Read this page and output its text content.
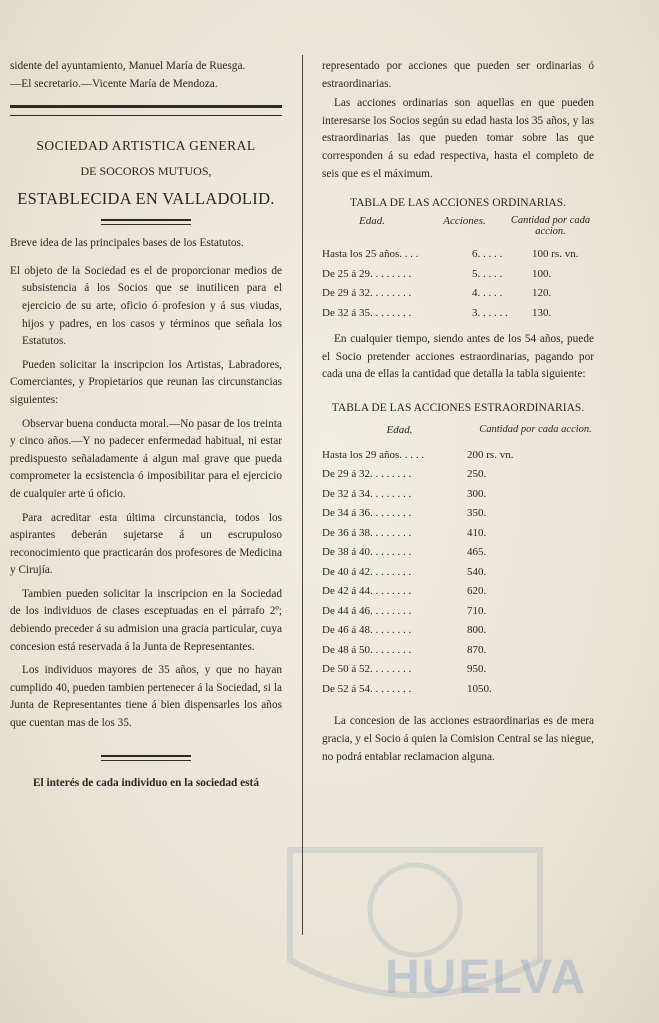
HUELVA

sidente del ayuntamiento, Manuel María de Ruesga.

—El secretario.—Vicente María de Mendoza.

SOCIEDAD ARTISTICA GENERAL
DE SOCOROS MUTUOS,
ESTABLECIDA EN VALLADOLID.

Breve idea de las principales bases de los Estatutos.

El objeto de la Sociedad es el de proporcionar medios de subsistencia á los Socios que se inutilicen para el ejercicio de su arte, oficio ó profesion y á sus viudas, hijos y padres, en los casos y términos que señala los Estatutos.

Pueden solicitar la inscripcion los Artistas, Labradores, Comerciantes, y Propietarios que reunan las circunstancias siguientes:

Observar buena conducta moral.—No pasar de los treinta y cinco años.—Y no padecer enfermedad habitual, ni estar predispuesto señaladamente á algun mal grave que pueda comprometer la ecsistencia ó imposibilitar para el ejercicio de cualquier arte ú oficio.

Para acreditar esta última circunstancia, todos los aspirantes deberán sujetarse á un escrupuloso reconocimiento que practicarán dos profesores de Medicina y Cirujía.

Tambien pueden solicitar la inscripcion en la Sociedad de los individuos de clases esceptuadas en el párrafo 2º; debiendo preceder á su admision una gracia particular, cuya concesion está reservada á la Junta de Representantes.

Los individuos mayores de 35 años, y que no hayan cumplido 40, pueden tambien pertenecer á la Sociedad, si la Junta de Representantes tiene á bien dispensarles los años que cuentan mas de los 35.

El interés de cada individuo en la sociedad está

representado por acciones que pueden ser ordinarias ó estraordinarias.

Las acciones ordinarias son aquellas en que pueden interesarse los Socios según su edad hasta los 35 años, y las estraordinarias las que pueden tomar sobre las que corresponden á su edad respectiva, hasta el completo de seis que es el máximum.

TABLA DE LAS ACCIONES ORDINARIAS.
Edad.	Acciones.	Cantidad por cada accion.
Hasta los 25 años. . . .	6. . . . .	100 rs. vn.
De 25 á 29. . . . . . . .	5. . . . .	100.
De 29 á 32. . . . . . . .	4. . . . .	120.
De 32 á 35. . . . . . . .	3. . . . . .	130.

En cualquier tiempo, siendo antes de los 54 años, puede el Socio pretender acciones estraordinarias, pagando por cada una de ellas la cantidad que detalla la tabla siguiente:

TABLA DE LAS ACCIONES ESTRAORDINARIAS.
Edad.	Cantidad por cada accion.
Hasta los 29 años. . . . .	200 rs. vn.
De 29 á 32. . . . . . . .	250.
De 32 á 34. . . . . . . .	300.
De 34 á 36. . . . . . . .	350.
De 36 á 38. . . . . . . .	410.
De 38 á 40. . . . . . . .	465.
De 40 á 42. . . . . . . .	540.
De 42 á 44. . . . . . . .	620.
De 44 á 46. . . . . . . .	710.
De 46 á 48. . . . . . . .	800.
De 48 á 50. . . . . . . .	870.
De 50 á 52. . . . . . . .	950.
De 52 á 54. . . . . . . .	1050.

La concesion de las acciones estraordinarias es de mera gracia, y el Socio á quien la Comision Central se las niegue, no podrá entablar reclamacion alguna.
